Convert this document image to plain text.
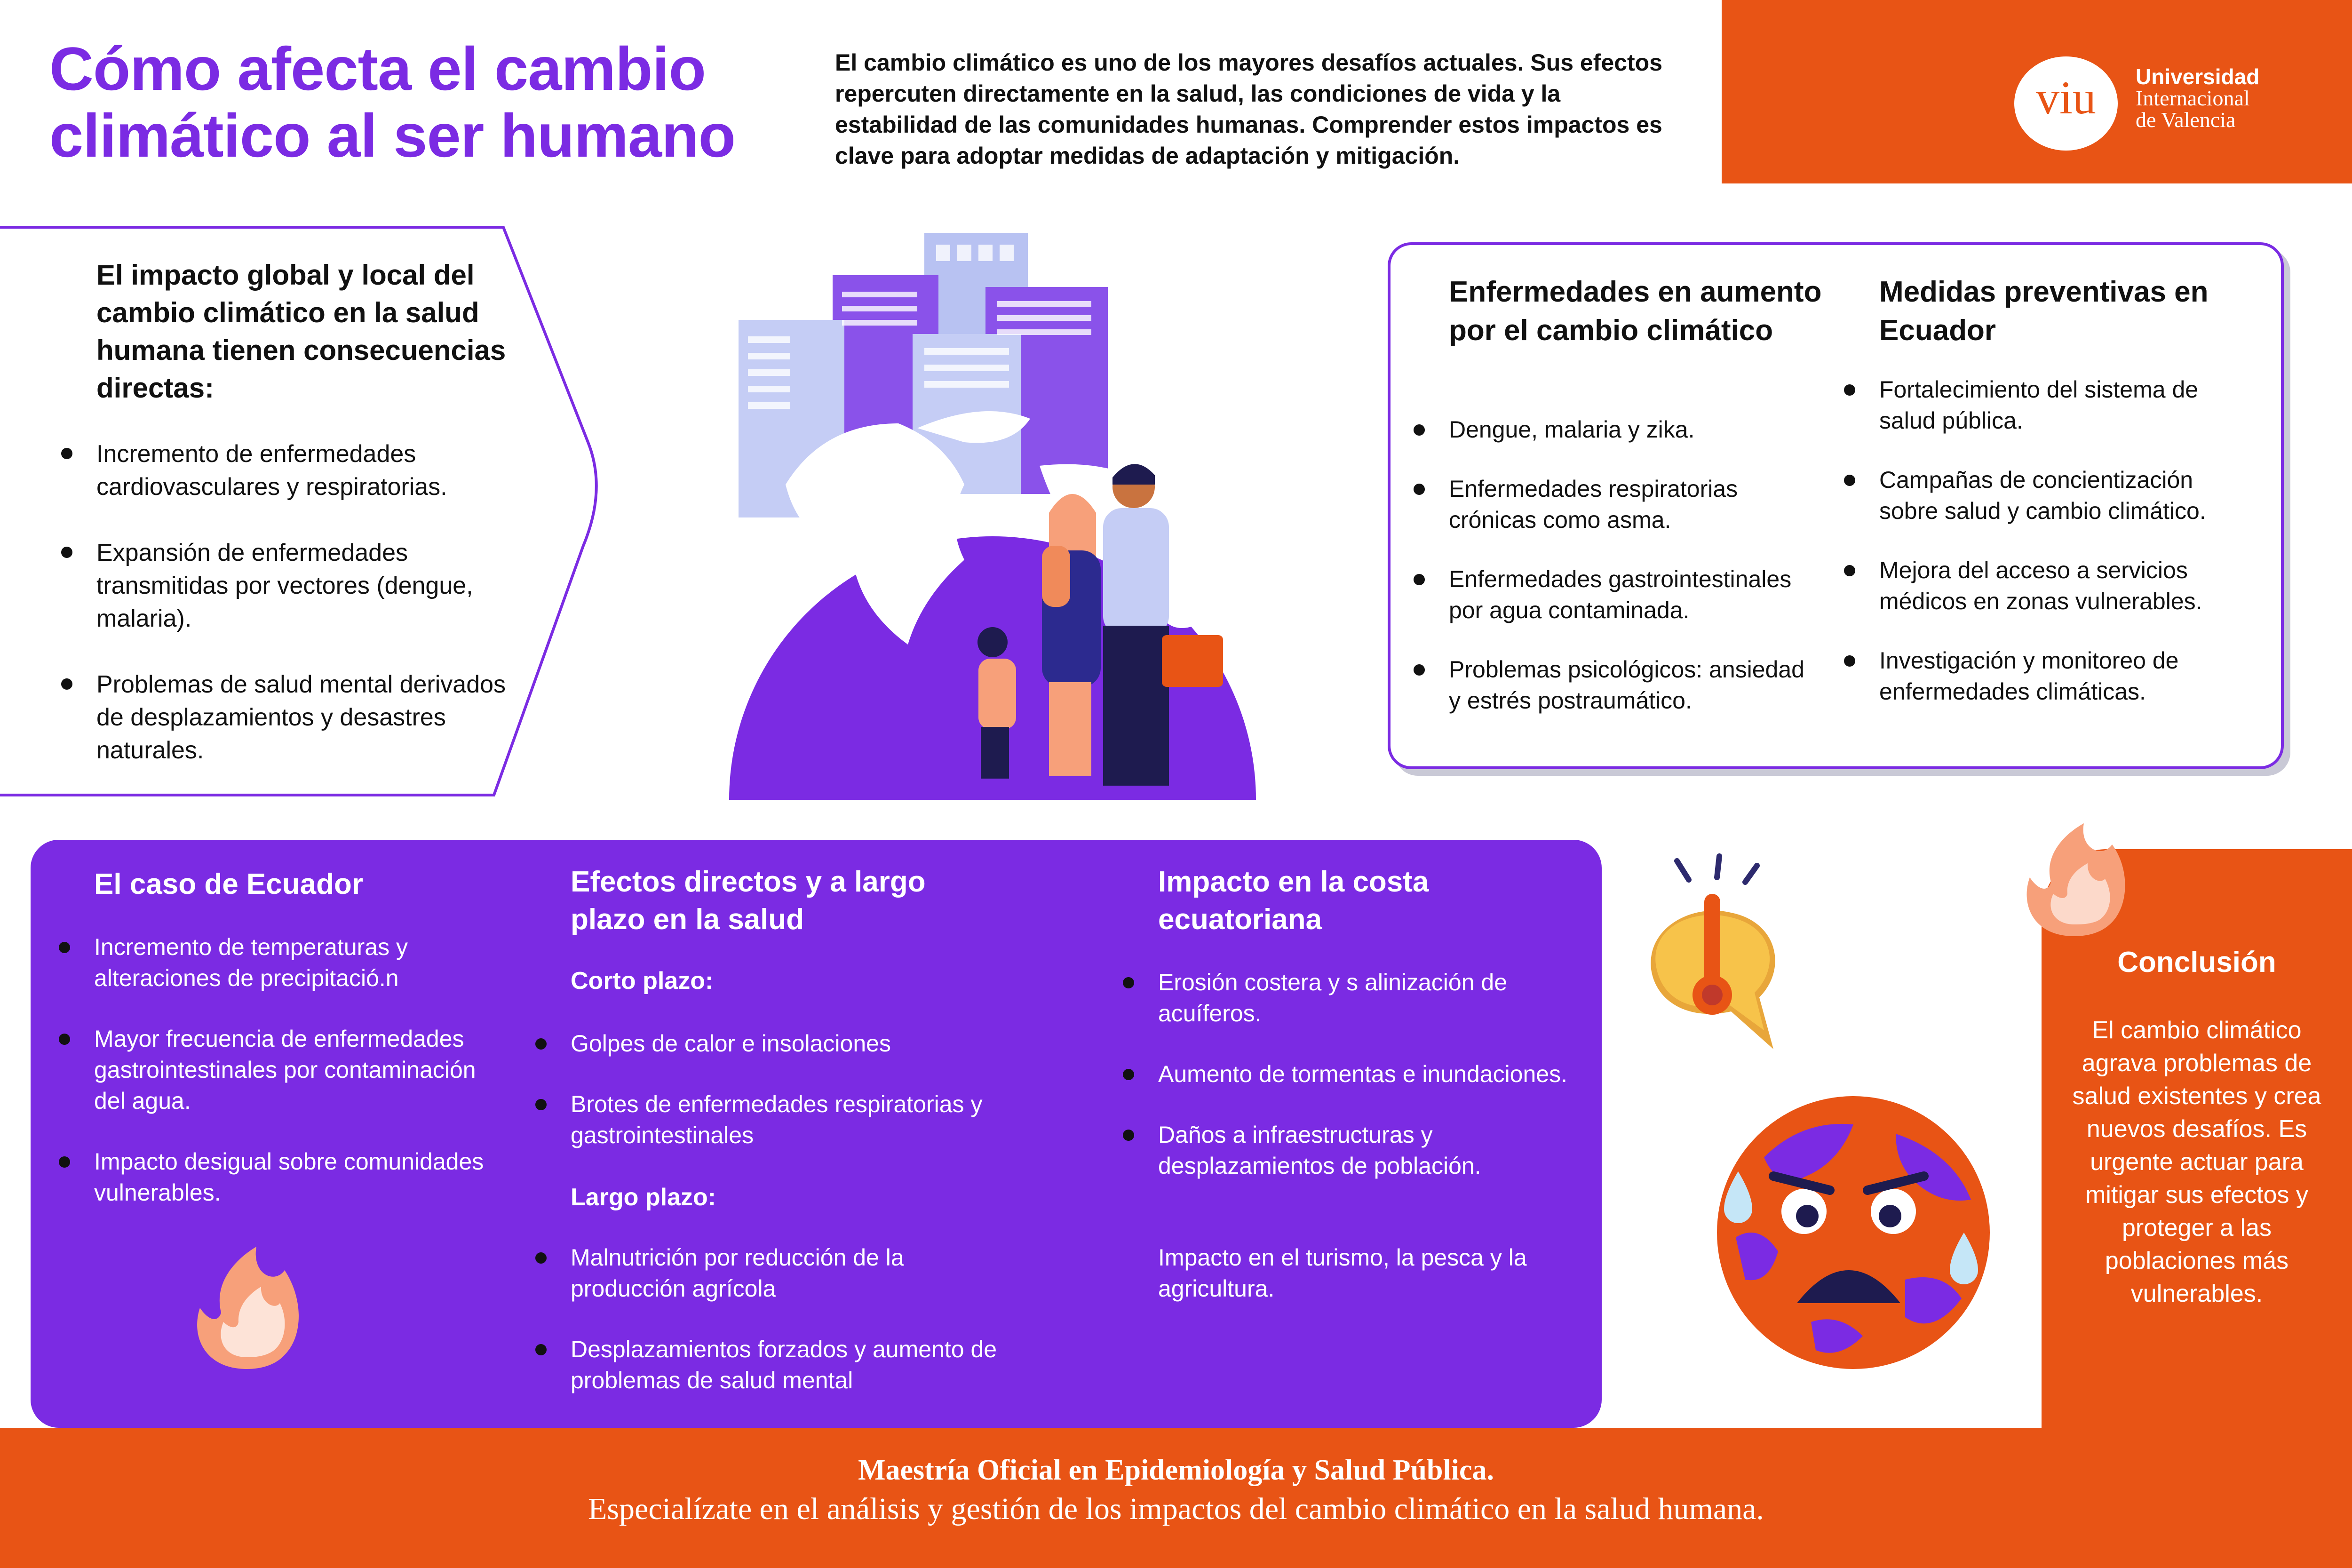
Cómo afecta el cambio climático al ser humano
El cambio climático es uno de los mayores desafíos actuales. Sus efectos repercuten directamente en la salud, las condiciones de vida y la estabilidad de las comunidades humanas. Comprender estos impactos es clave para adoptar medidas de adaptación y mitigación.
viu	Universidad
Internacional
de Valencia
El impacto global y local del cambio climático en la salud humana tienen consecuencias directas:
Incremento de enfermedades cardiovasculares y respiratorias.
Expansión de enfermedades transmitidas por vectores (dengue, malaria).
Problemas de salud mental derivados de desplazamientos y desastres naturales.
Enfermedades en aumento por el cambio climático
Dengue, malaria y zika.
Enfermedades respiratorias crónicas como asma.
Enfermedades gastrointestinales por agua contaminada.
Problemas psicológicos: ansiedad y estrés postraumático.
Medidas preventivas en Ecuador
Fortalecimiento del sistema de salud pública.
Campañas de concientización sobre salud y cambio climático.
Mejora del acceso a servicios médicos en zonas vulnerables.
Investigación y monitoreo de enfermedades climáticas.
El caso de Ecuador
Incremento de temperaturas y alteraciones de precipitació.n
Mayor frecuencia de enfermedades gastrointestinales por contaminación del agua.
Impacto desigual sobre comunidades vulnerables.
Efectos directos y a largo plazo en la salud
Corto plazo:
Golpes de calor e insolaciones
Brotes de enfermedades respiratorias y gastrointestinales
Largo plazo:
Malnutrición por reducción de la producción agrícola
Desplazamientos forzados y aumento de problemas de salud mental
Impacto en la costa ecuatoriana
Erosión costera y s alinización de acuíferos.
Aumento de tormentas e inundaciones.
Daños a infraestructuras y desplazamientos de población.
Impacto en el turismo, la pesca y la agricultura.
Conclusión
El cambio climático agrava problemas de salud existentes y crea nuevos desafíos. Es urgente actuar para mitigar sus efectos y proteger a las poblaciones más vulnerables.
Maestría Oficial en Epidemiología y Salud Pública.
Especialízate en el análisis y gestión de los impactos del cambio climático en la salud humana.
